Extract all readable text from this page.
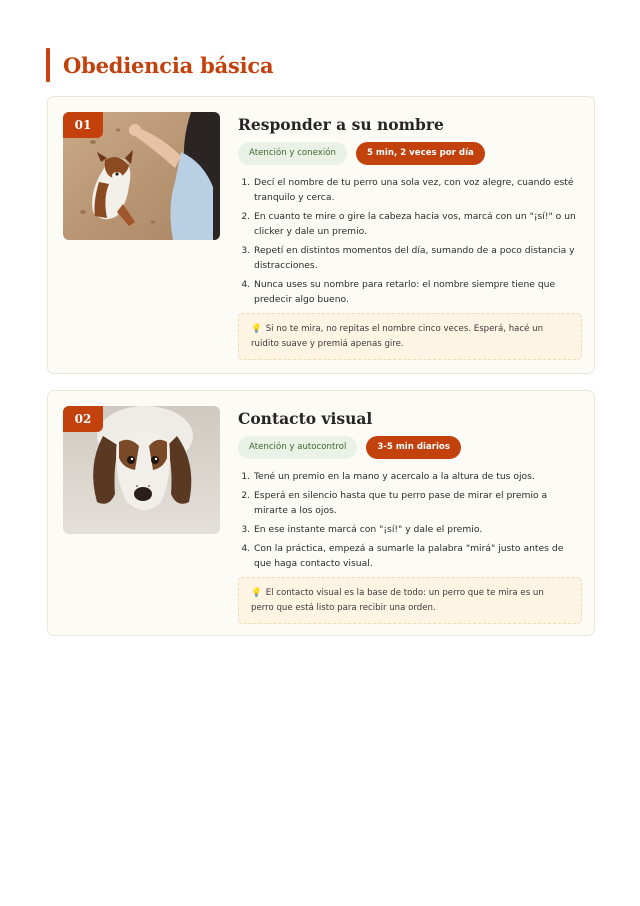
Obediencia básica
01	Responder a su nombre
Atención y conexión	5 min, 2 veces por día
1. Decí el nombre de tu perro una sola vez, con voz alegre, cuando esté tranquilo y cerca.
2. En cuanto te mire o gire la cabeza hacia vos, marcá con un "¡sí!" o un clicker y dale un premio.
3. Repetí en distintos momentos del día, sumando de a poco distancia y distracciones.
4. Nunca uses su nombre para retarlo: el nombre siempre tiene que predecir algo bueno.
💡 Si no te mira, no repitas el nombre cinco veces. Esperá, hacé un ruidito suave y premiá apenas gire.
02	Contacto visual
Atención y autocontrol	3-5 min diarios
1. Tené un premio en la mano y acercalo a la altura de tus ojos.
2. Esperá en silencio hasta que tu perro pase de mirar el premio a mirarte a los ojos.
3. En ese instante marcá con "¡sí!" y dale el premio.
4. Con la práctica, empezá a sumarle la palabra "mirá" justo antes de que haga contacto visual.
💡 El contacto visual es la base de todo: un perro que te mira es un perro que está listo para recibir una orden.
